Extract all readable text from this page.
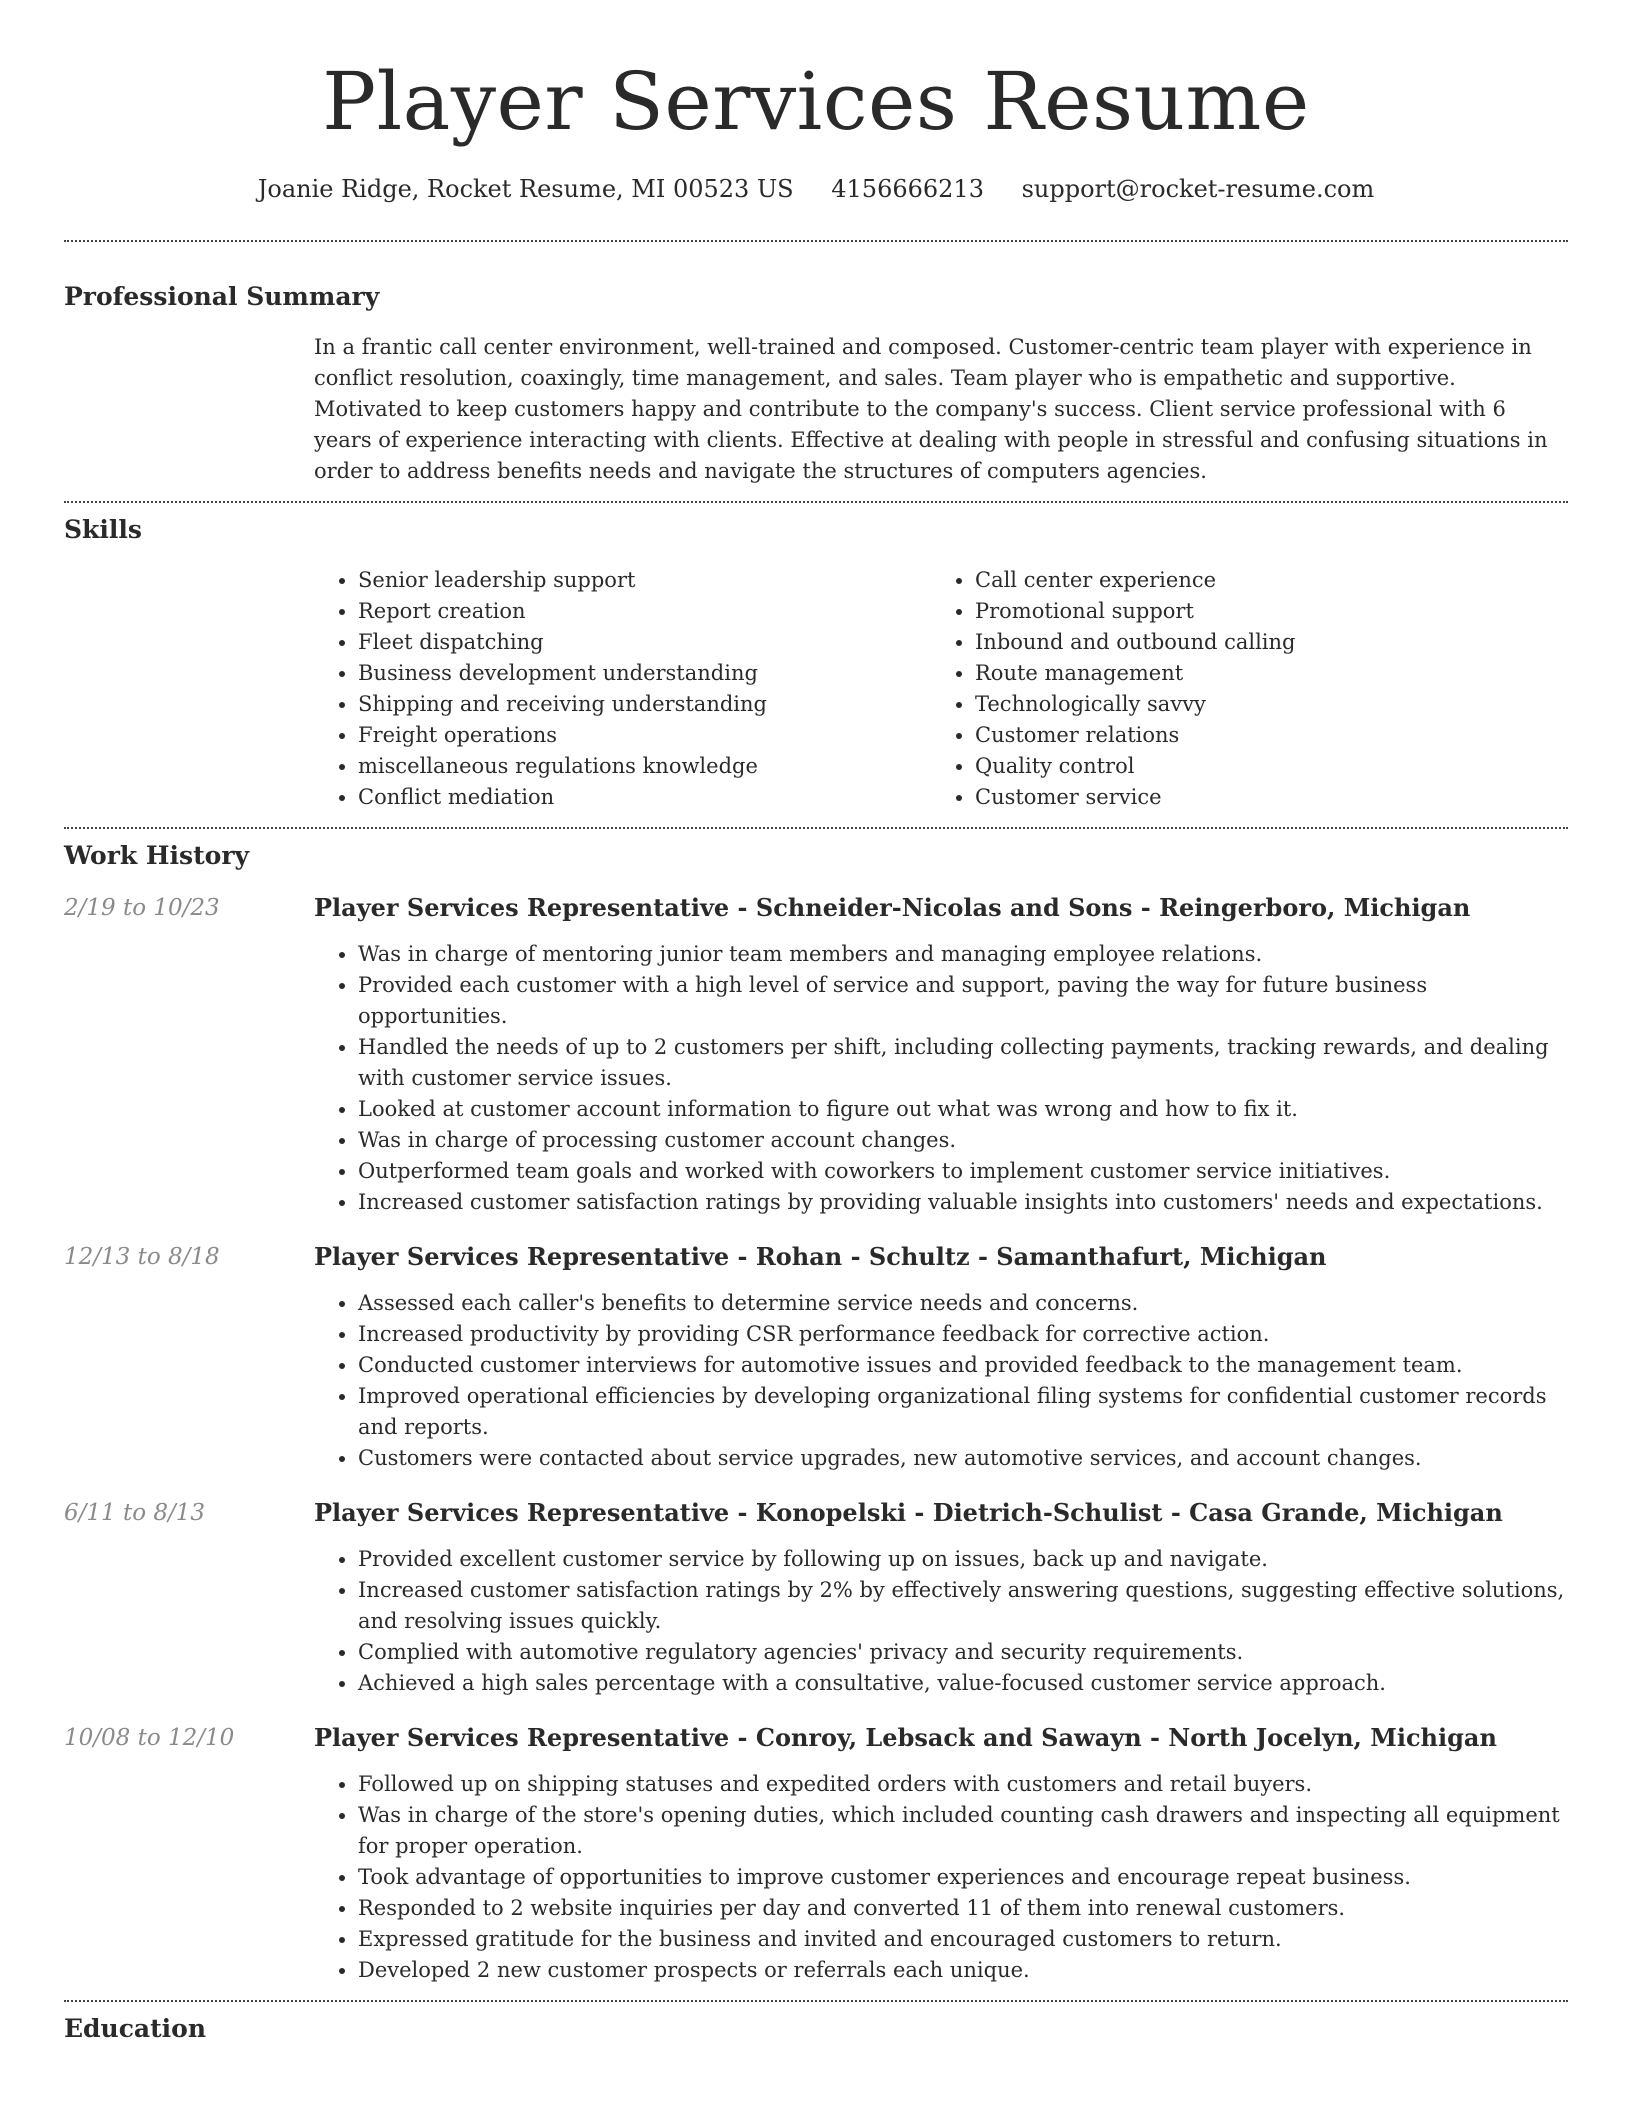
Player Services Resume
Joanie Ridge, Rocket Resume, MI 00523 US 4156666213 support@rocket-resume.com
Professional Summary

In a frantic call center environment, well-trained and composed. Customer-centric team player with experience in conflict resolution, coaxingly, time management, and sales. Team player who is empathetic and supportive. Motivated to keep customers happy and contribute to the company's success. Client service professional with 6 years of experience interacting with clients. Effective at dealing with people in stressful and confusing situations in order to address benefits needs and navigate the structures of computers agencies.

Skills
• Senior leadership support
• Report creation
• Fleet dispatching
• Business development understanding
• Shipping and receiving understanding
• Freight operations
• miscellaneous regulations knowledge
• Conflict mediation
• Call center experience
• Promotional support
• Inbound and outbound calling
• Route management
• Technologically savvy
• Customer relations
• Quality control
• Customer service
Work History
2/19 to 10/23	Player Services Representative - Schneider-Nicolas and Sons - Reingerboro, Michigan
• Was in charge of mentoring junior team members and managing employee relations.
• Provided each customer with a high level of service and support, paving the way for future business opportunities.
• Handled the needs of up to 2 customers per shift, including collecting payments, tracking rewards, and dealing with customer service issues.
• Looked at customer account information to figure out what was wrong and how to fix it.
• Was in charge of processing customer account changes.
• Outperformed team goals and worked with coworkers to implement customer service initiatives.
• Increased customer satisfaction ratings by providing valuable insights into customers' needs and expectations.
12/13 to 8/18	Player Services Representative - Rohan - Schultz - Samanthafurt, Michigan
• Assessed each caller's benefits to determine service needs and concerns.
• Increased productivity by providing CSR performance feedback for corrective action.
• Conducted customer interviews for automotive issues and provided feedback to the management team.
• Improved operational efficiencies by developing organizational filing systems for confidential customer records and reports.
• Customers were contacted about service upgrades, new automotive services, and account changes.
6/11 to 8/13	Player Services Representative - Konopelski - Dietrich-Schulist - Casa Grande, Michigan
• Provided excellent customer service by following up on issues, back up and navigate.
• Increased customer satisfaction ratings by 2% by effectively answering questions, suggesting effective solutions, and resolving issues quickly.
• Complied with automotive regulatory agencies' privacy and security requirements.
• Achieved a high sales percentage with a consultative, value-focused customer service approach.
10/08 to 12/10	Player Services Representative - Conroy, Lebsack and Sawayn - North Jocelyn, Michigan
• Followed up on shipping statuses and expedited orders with customers and retail buyers.
• Was in charge of the store's opening duties, which included counting cash drawers and inspecting all equipment for proper operation.
• Took advantage of opportunities to improve customer experiences and encourage repeat business.
• Responded to 2 website inquiries per day and converted 11 of them into renewal customers.
• Expressed gratitude for the business and invited and encouraged customers to return.
• Developed 2 new customer prospects or referrals each unique.
Education
